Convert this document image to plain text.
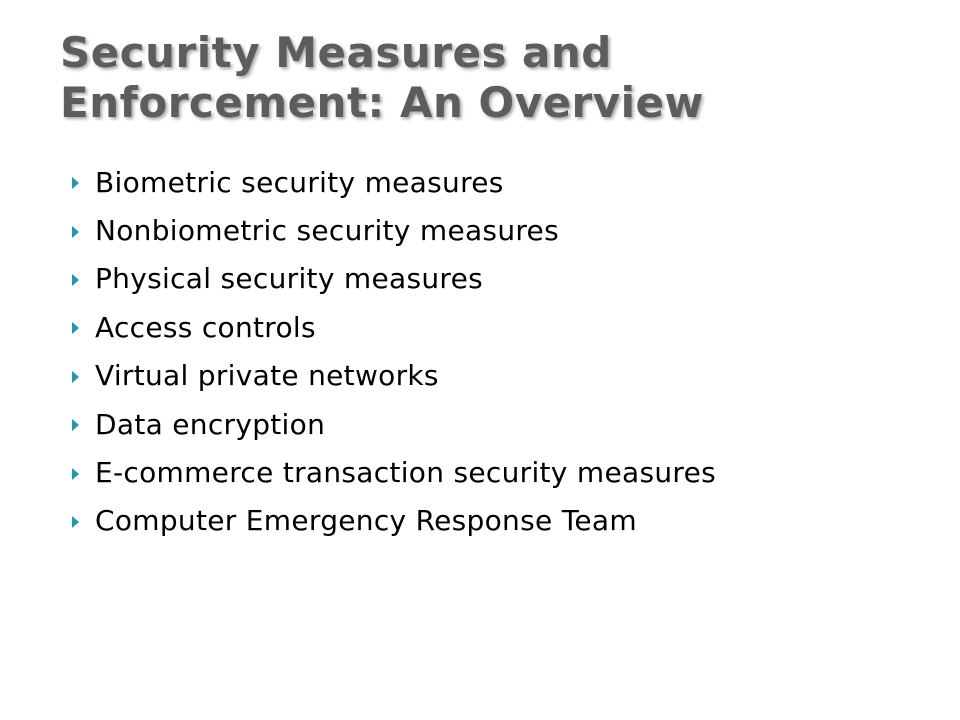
Security Measures and
Enforcement: An Overview
Biometric security measures
Nonbiometric security measures
Physical security measures
Access controls
Virtual private networks
Data encryption
E-commerce transaction security measures
Computer Emergency Response Team
